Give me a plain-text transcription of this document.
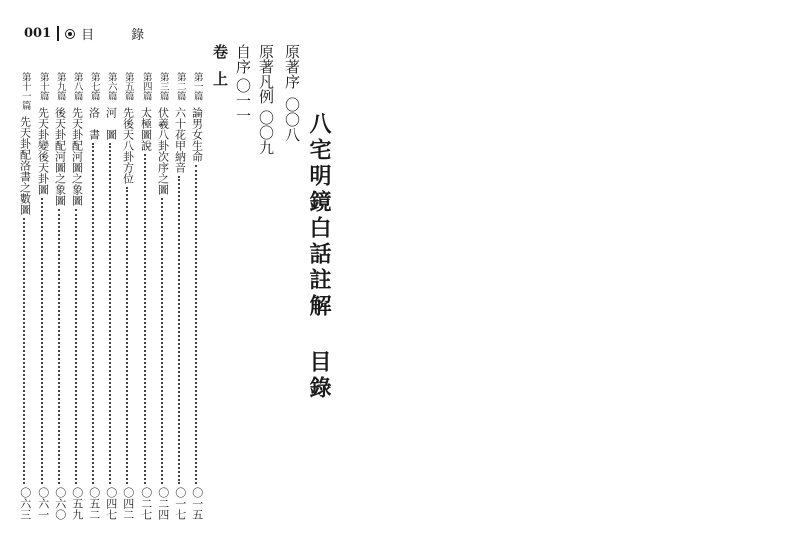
001 目　錄
八宅明鏡白話註解目錄
原著序〇〇八
原著凡例〇〇九
自序〇一一
卷上
第一篇
論男女生命
〇一五
第二篇
六十花甲納音
〇一七
第三篇
伏羲八卦次序之圖
〇二四
第四篇
太極圖說
〇二七
第五篇
先後天八卦方位
〇四二
第六篇
河　圖
〇四七
第七篇
洛　書
〇五二
第八篇
先天卦配河圖之象圖
〇五九
第九篇
後天卦配河圖之象圖
〇六〇
第十篇
先天卦變後天卦圖
〇六一
第十一篇
先天卦配洛書之數圖
〇六三
